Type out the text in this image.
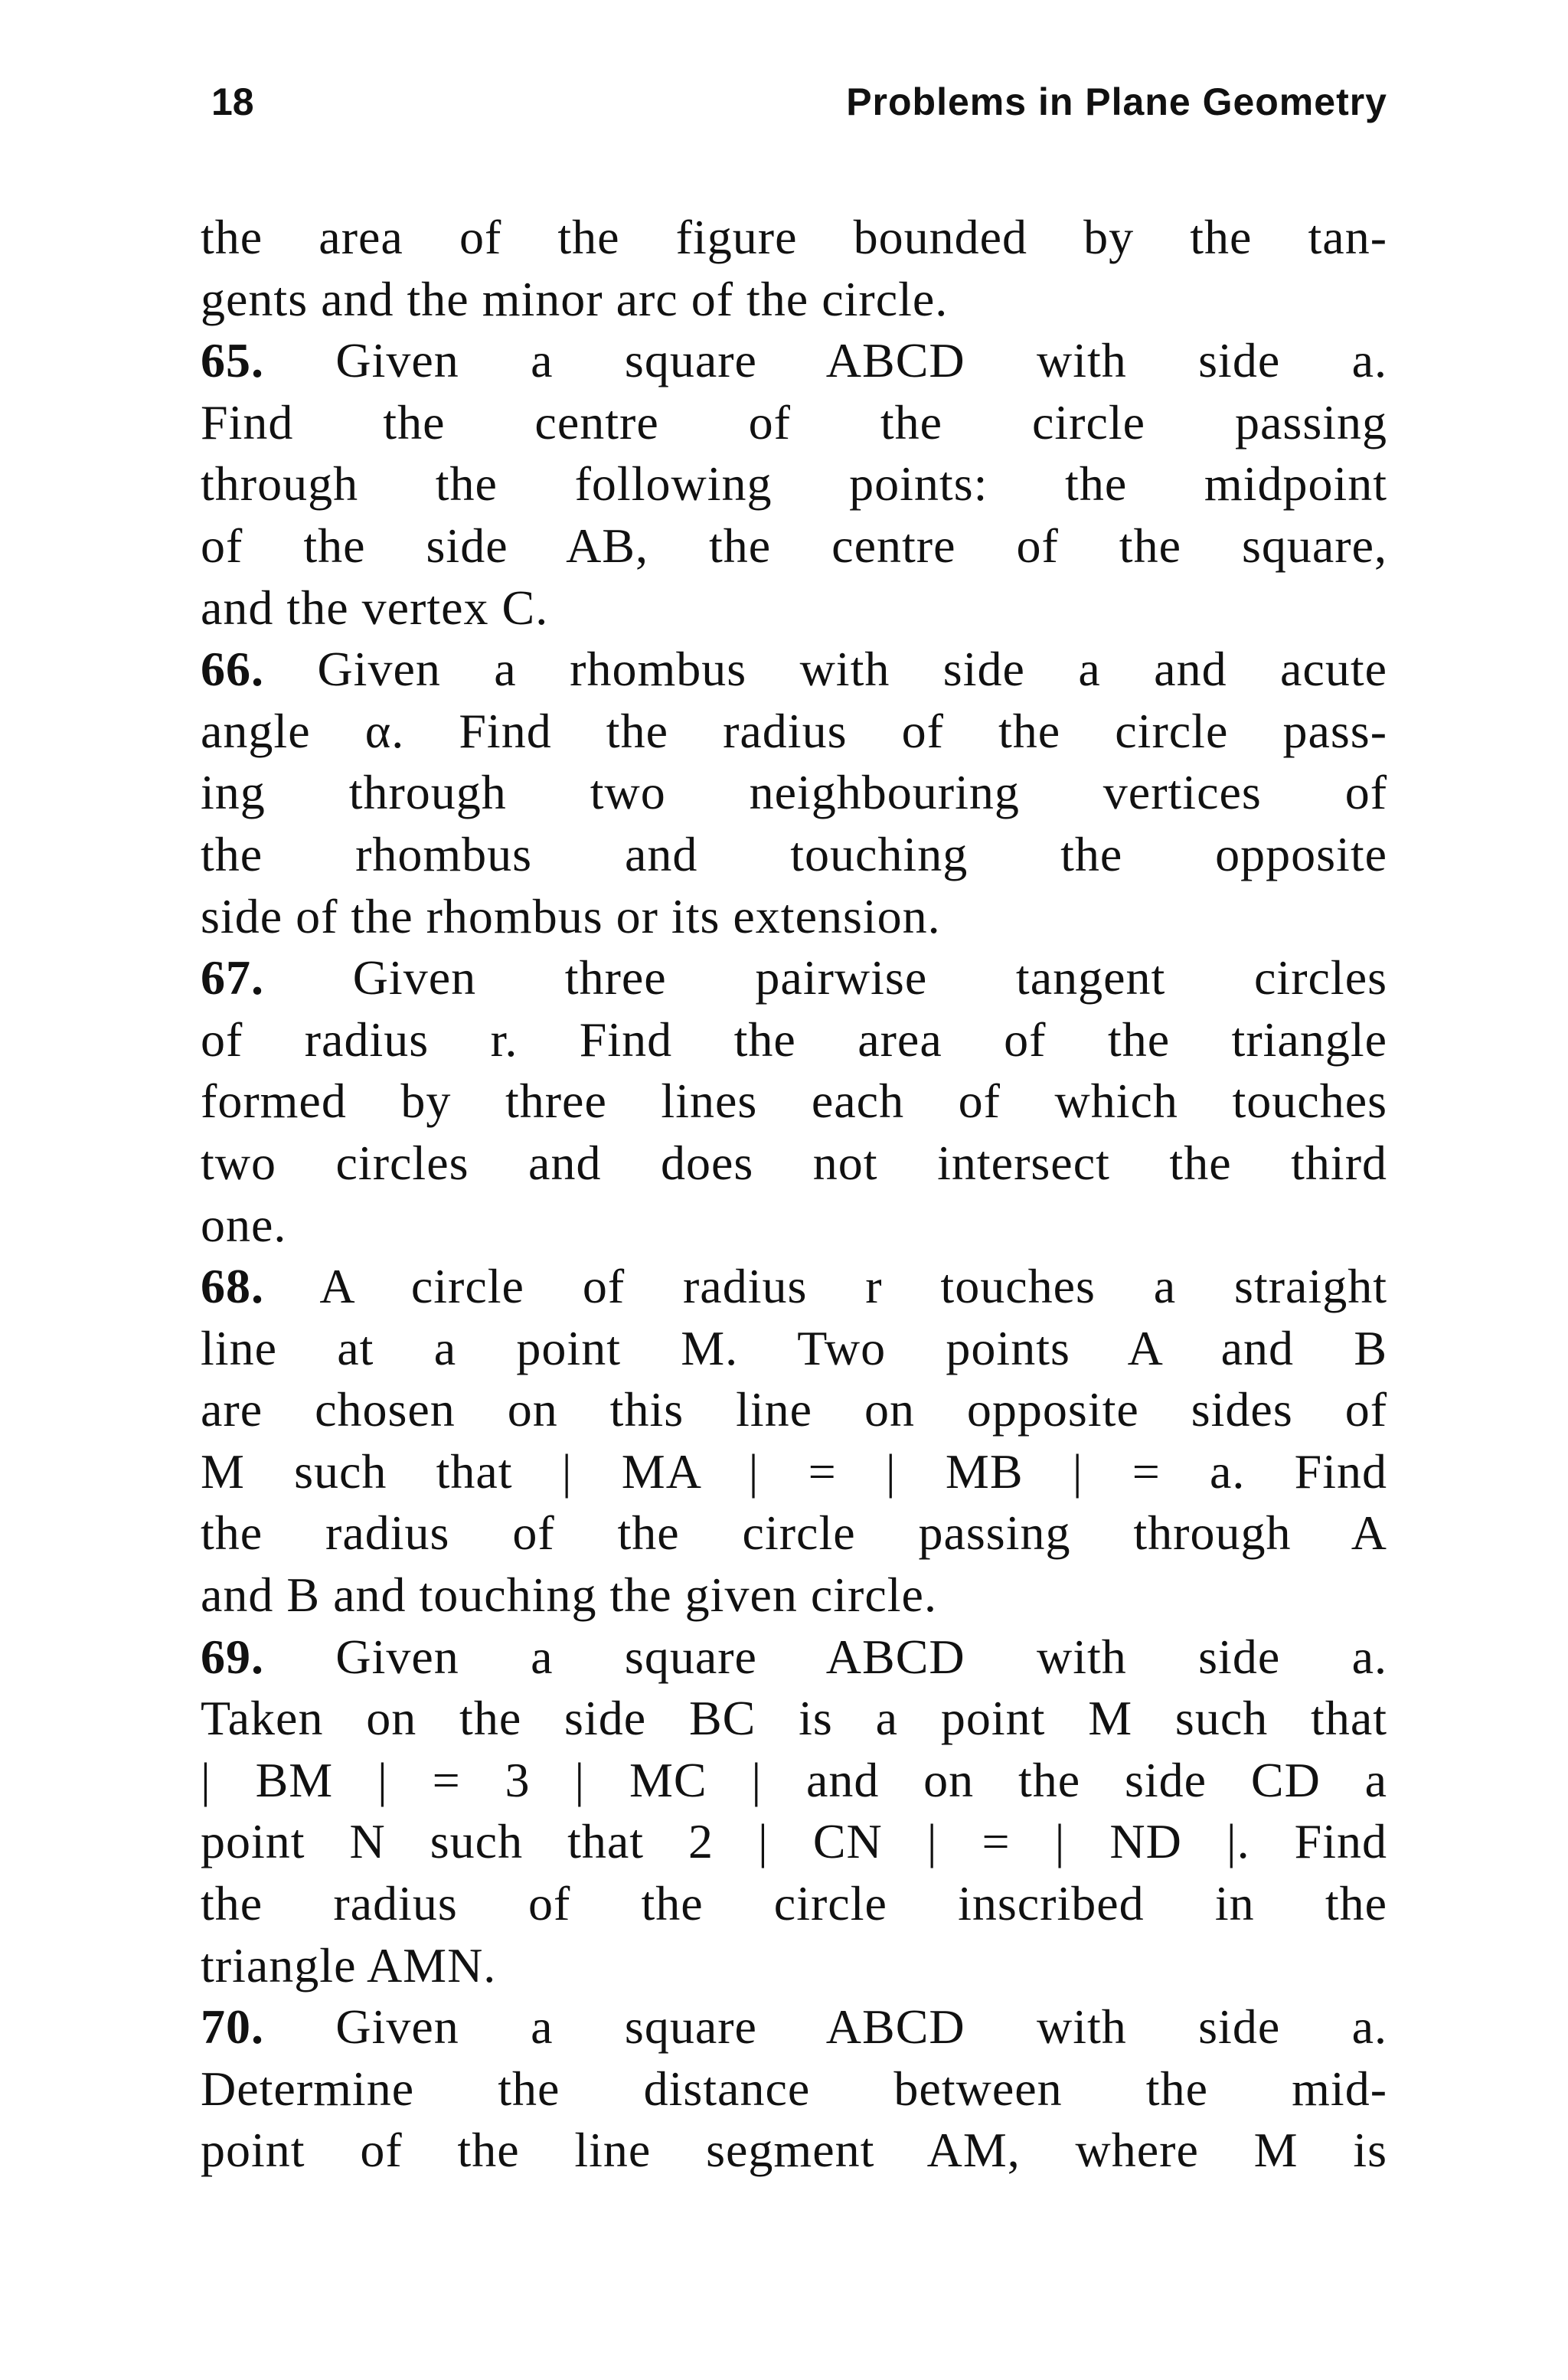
18	Problems in Plane Geometry
the area of the figure bounded by the tan-
gents and the minor arc of the circle.
65. Given a square ABCD with side a.
Find the centre of the circle passing
through the following points: the midpoint
of the side AB, the centre of the square,
and the vertex C.
66. Given a rhombus with side a and acute
angle α. Find the radius of the circle pass-
ing through two neighbouring vertices of
the rhombus and touching the opposite
side of the rhombus or its extension.
67. Given three pairwise tangent circles
of radius r. Find the area of the triangle
formed by three lines each of which touches
two circles and does not intersect the third
one.
68. A circle of radius r touches a straight
line at a point M. Two points A and B
are chosen on this line on opposite sides of
M such that | MA | = | MB | = a. Find
the radius of the circle passing through A
and B and touching the given circle.
69. Given a square ABCD with side a.
Taken on the side BC is a point M such that
| BM | = 3 | MC | and on the side CD a
point N such that 2 | CN | = | ND |. Find
the radius of the circle inscribed in the
triangle AMN.
70. Given a square ABCD with side a.
Determine the distance between the mid-
point of the line segment AM, where M is
